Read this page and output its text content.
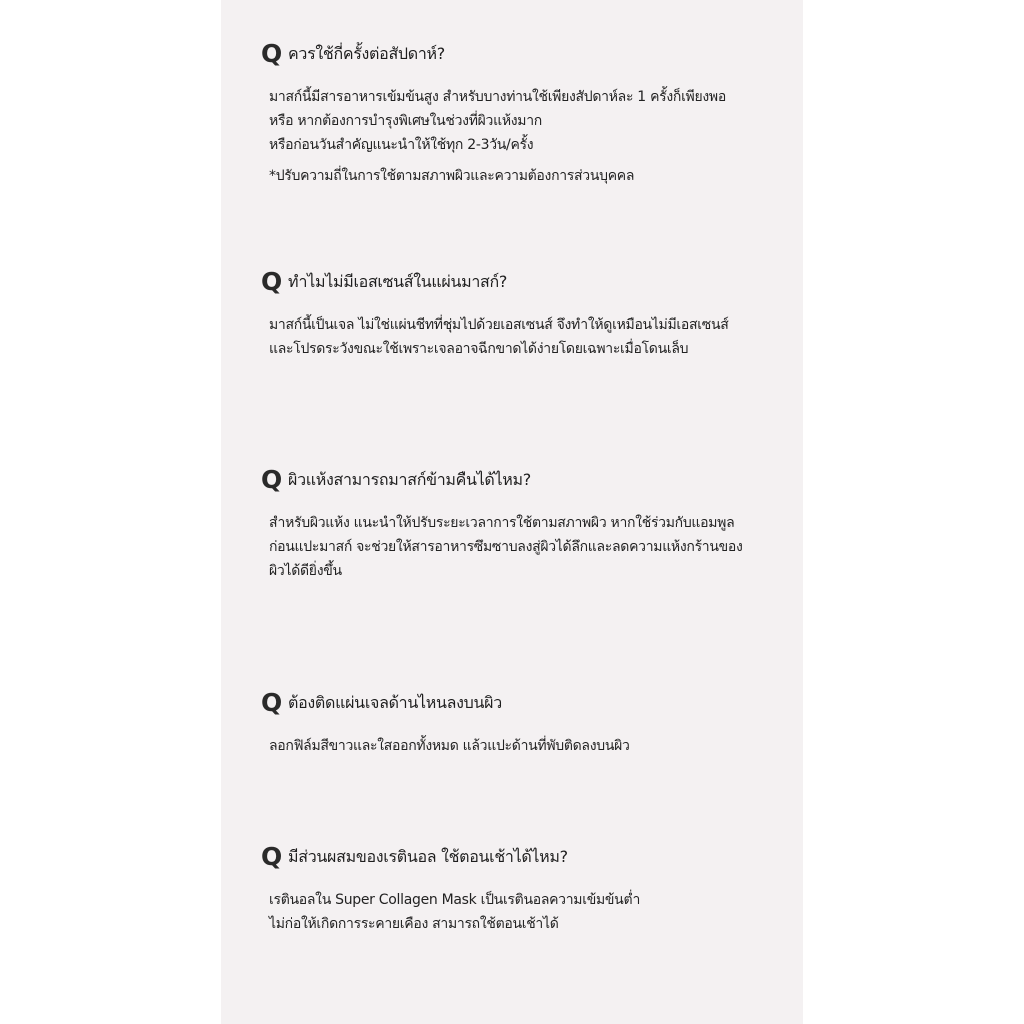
Q ควรใช้กี่ครั้งต่อสัปดาห์?

มาสก์นี้มีสารอาหารเข้มข้นสูง สำหรับบางท่านใช้เพียงสัปดาห์ละ 1 ครั้งก็เพียงพอ

หรือ หากต้องการบำรุงพิเศษในช่วงที่ผิวแห้งมาก

หรือก่อนวันสำคัญแนะนำให้ใช้ทุก 2-3วัน/ครั้ง

*ปรับความถี่ในการใช้ตามสภาพผิวและความต้องการส่วนบุคคล

Q ทำไมไม่มีเอสเซนส์ในแผ่นมาสก์?

มาสก์นี้เป็นเจล ไม่ใช่แผ่นชีทที่ชุ่มไปด้วยเอสเซนส์ จึงทำให้ดูเหมือนไม่มีเอสเซนส์

และโปรดระวังขณะใช้เพราะเจลอาจฉีกขาดได้ง่ายโดยเฉพาะเมื่อโดนเล็บ

Q ผิวแห้งสามารถมาสก์ข้ามคืนได้ไหม?

สำหรับผิวแห้ง แนะนำให้ปรับระยะเวลาการใช้ตามสภาพผิว หากใช้ร่วมกับแอมพูล

ก่อนแปะมาสก์ จะช่วยให้สารอาหารซึมซาบลงสู่ผิวได้ลึกและลดความแห้งกร้านของ

ผิวได้ดียิ่งขึ้น

Q ต้องติดแผ่นเจลด้านไหนลงบนผิว

ลอกฟิล์มสีขาวและใสออกทั้งหมด แล้วแปะด้านที่พับติดลงบนผิว

Q มีส่วนผสมของเรตินอล ใช้ตอนเช้าได้ไหม?

เรตินอลใน Super Collagen Mask เป็นเรตินอลความเข้มข้นต่ำ

ไม่ก่อให้เกิดการระคายเคือง สามารถใช้ตอนเช้าได้
